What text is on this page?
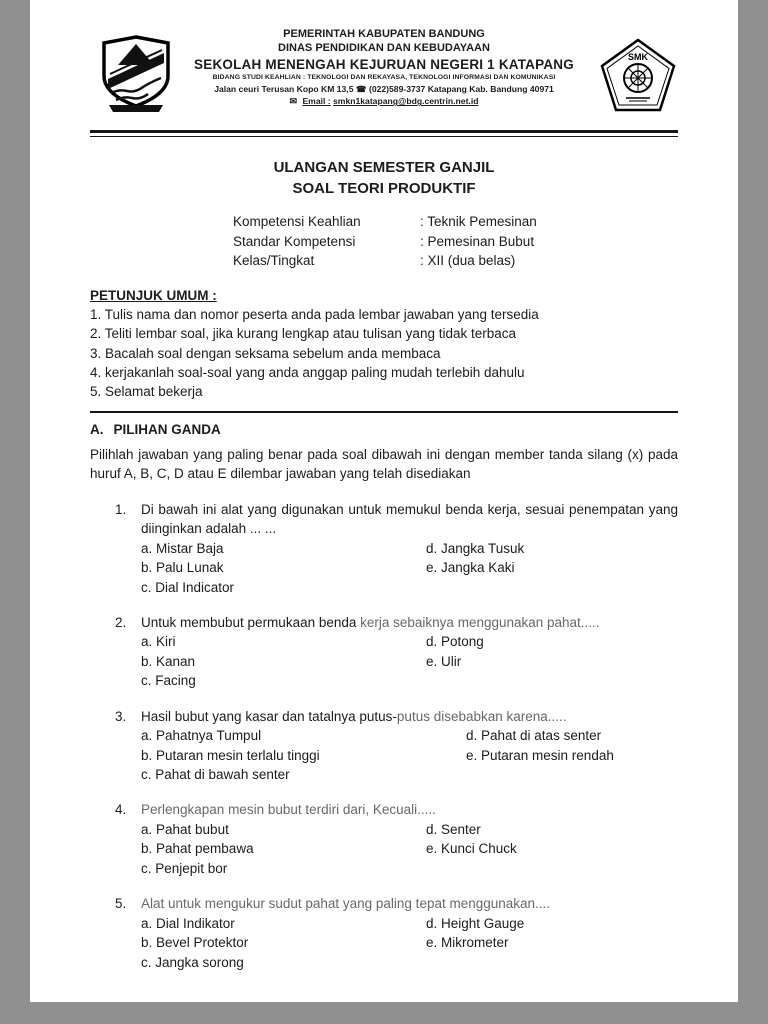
PEMERINTAH KABUPATEN BANDUNG
DINAS PENDIDIKAN DAN KEBUDAYAAN
SEKOLAH MENENGAH KEJURUAN NEGERI 1 KATAPANG
BIDANG STUDI KEAHLIAN : TEKNOLOGI DAN REKAYASA, TEKNOLOGI INFORMASI DAN KOMUNIKASI
Jalan ceuri Terusan Kopo KM 13,5 ☎ (022)589-3737 Katapang Kab. Bandung 40971
✉ Email : smkn1katapang@bdg.centrin.net.id
SMK
ULANGAN SEMESTER GANJIL
SOAL TEORI PRODUKTIF
Kompetensi Keahlian	: Teknik Pemesinan
Standar Kompetensi	: Pemesinan Bubut
Kelas/Tingkat	: XII (dua belas)
PETUNJUK UMUM :
1. Tulis nama dan nomor peserta anda pada lembar jawaban yang tersedia
2. Teliti lembar soal, jika kurang lengkap atau tulisan yang tidak terbaca
3. Bacalah soal dengan seksama sebelum anda membaca
4. kerjakanlah soal-soal yang anda anggap paling mudah terlebih dahulu
5. Selamat bekerja
A. PILIHAN GANDA
Pilihlah jawaban yang paling benar pada soal dibawah ini dengan member tanda silang (x) pada huruf A, B, C, D atau E dilembar jawaban yang telah disediakan
1.	Di bawah ini alat yang digunakan untuk memukul benda kerja, sesuai penempatan yang diinginkan adalah ... ...
a. Mistar Baja
b. Palu Lunak
c. Dial Indicator
d. Jangka Tusuk
e. Jangka Kaki
2.	Untuk membubut permukaan benda kerja sebaiknya menggunakan pahat.....
a. Kiri
b. Kanan
c. Facing
d. Potong
e. Ulir
3.	Hasil bubut yang kasar dan tatalnya putus-putus disebabkan karena.....
a. Pahatnya Tumpul
b. Putaran mesin terlalu tinggi
c. Pahat di bawah senter
d. Pahat di atas senter
e. Putaran mesin rendah
4.	Perlengkapan mesin bubut terdiri dari, Kecuali.....
a. Pahat bubut
b. Pahat pembawa
c. Penjepit bor
d. Senter
e. Kunci Chuck
5.	Alat untuk mengukur sudut pahat yang paling tepat menggunakan....
a. Dial Indikator
b. Bevel Protektor
c. Jangka sorong
d. Height Gauge
e. Mikrometer
